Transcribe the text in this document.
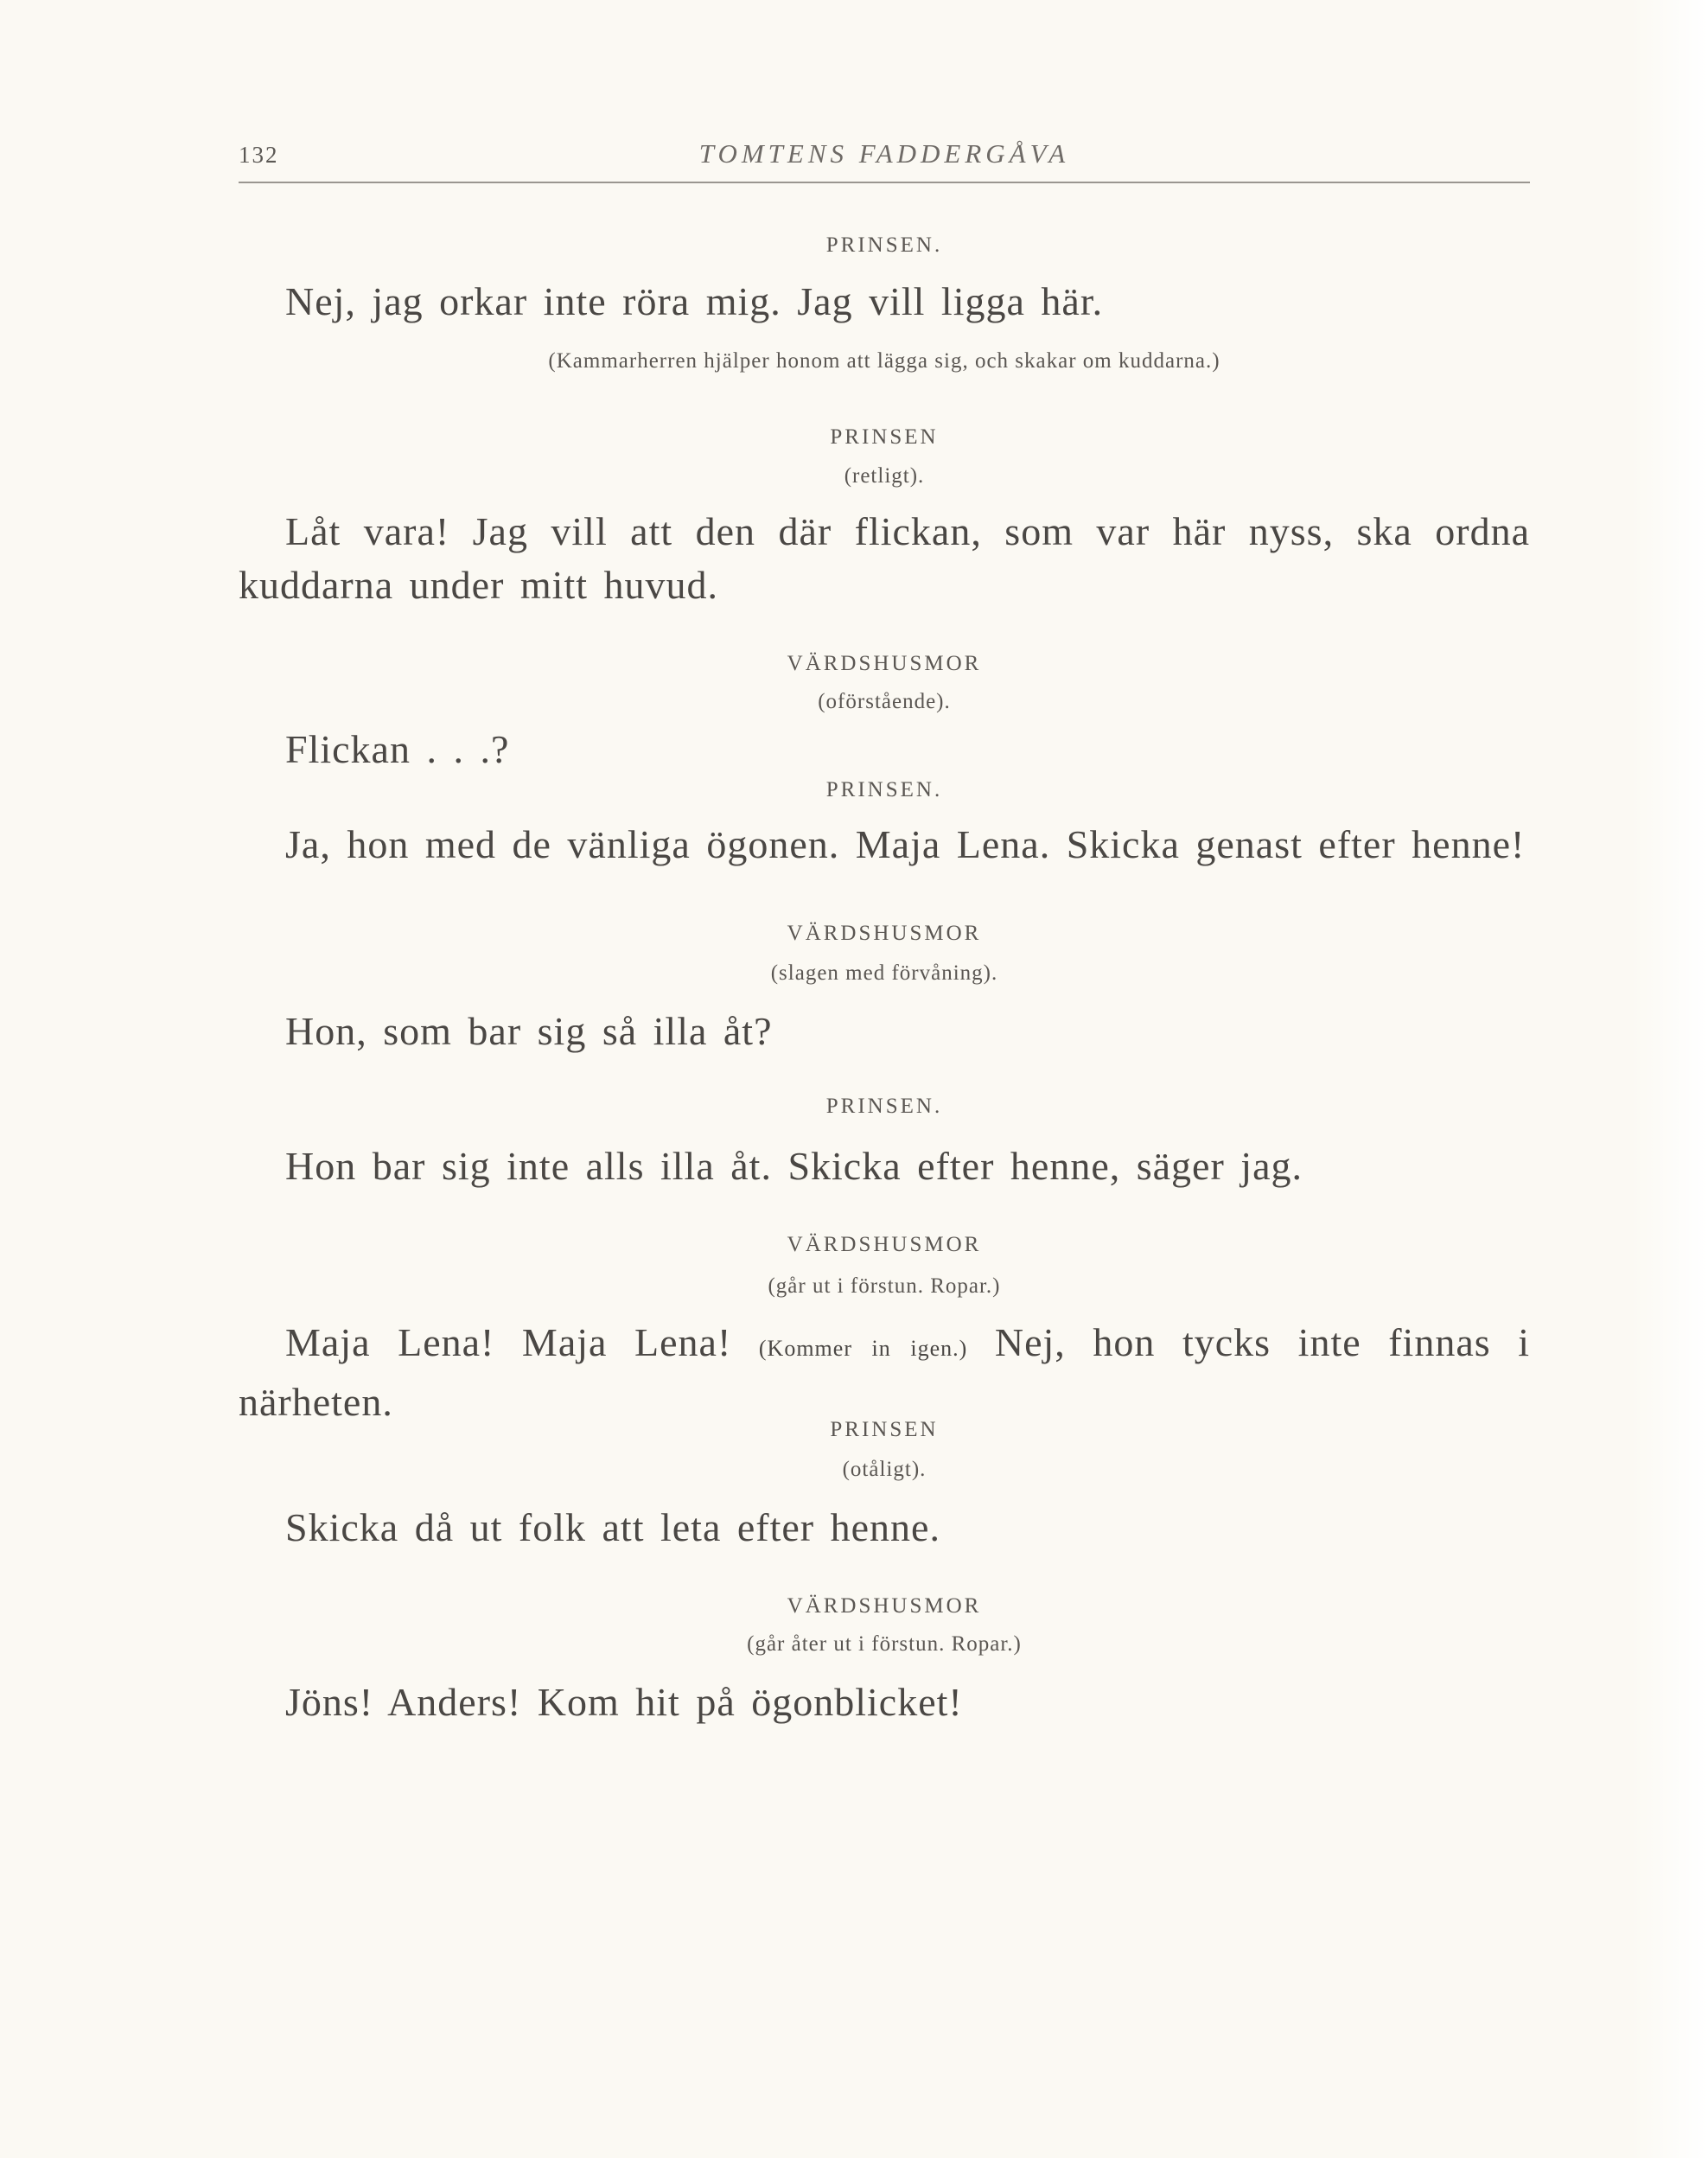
132	TOMTENS FADDERGÅVA
PRINSEN.
Nej, jag orkar inte röra mig. Jag vill ligga här.
(Kammarherren hjälper honom att lägga sig, och skakar om kuddarna.)
PRINSEN
(retligt).
Låt vara! Jag vill att den där flickan, som var här nyss, ska ordna kuddarna under mitt huvud.
VÄRDSHUSMOR
(oförstående).
Flickan . . .?
PRINSEN.
Ja, hon med de vänliga ögonen. Maja Lena. Skicka genast efter henne!
VÄRDSHUSMOR
(slagen med förvåning).
Hon, som bar sig så illa åt?
PRINSEN.
Hon bar sig inte alls illa åt. Skicka efter henne, säger jag.
VÄRDSHUSMOR
(går ut i förstun. Ropar.)
Maja Lena! Maja Lena! (Kommer in igen.) Nej, hon tycks inte finnas i närheten.
PRINSEN
(otåligt).
Skicka då ut folk att leta efter henne.
VÄRDSHUSMOR
(går åter ut i förstun. Ropar.)
Jöns! Anders! Kom hit på ögonblicket!
